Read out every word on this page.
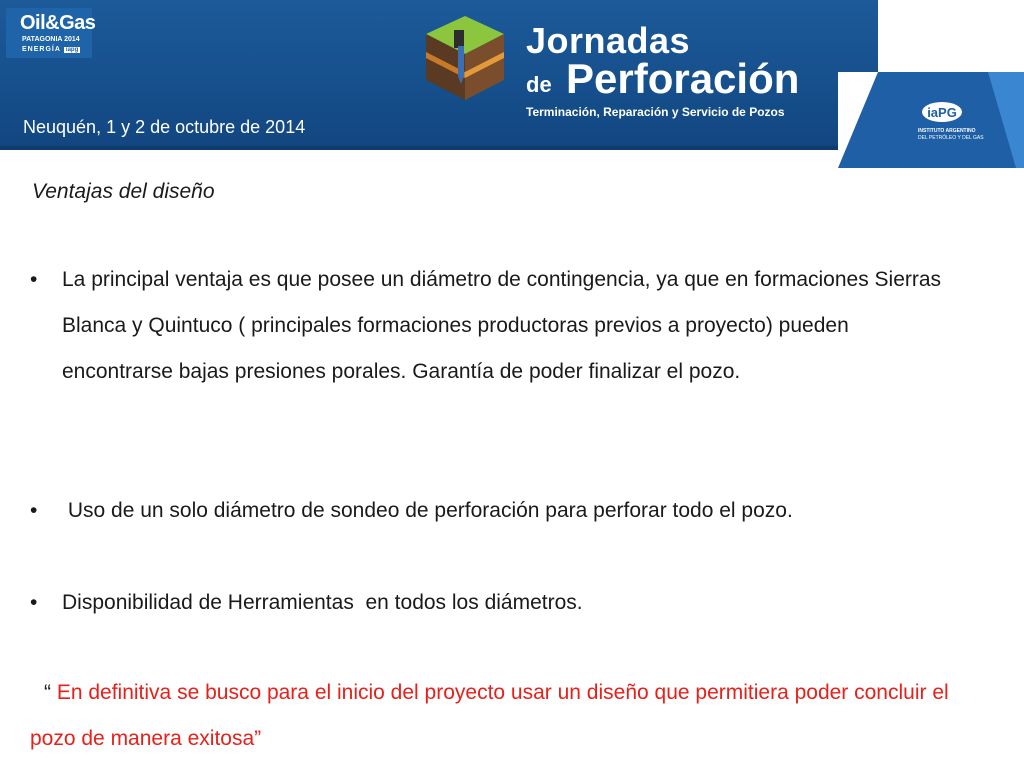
Oil&Gas
PATAGONIA 2014
ENERGÍA iapg	Jornadas
de Perforación
Terminación, Reparación y Servicio de Pozos
Neuquén, 1 y 2 de octubre de 2014
iaPG
INSTITUTO ARGENTINO
DEL PETRÓLEO Y DEL GAS
Ventajas del diseño
• La principal ventaja es que posee un diámetro de contingencia, ya que en formaciones Sierras Blanca y Quintuco ( principales formaciones productoras previos a proyecto) pueden encontrarse bajas presiones porales. Garantía de poder finalizar el pozo.
• Uso de un solo diámetro de sondeo de perforación para perforar todo el pozo.
• Disponibilidad de Herramientas  en todos los diámetros.
“ En definitiva se busco para el inicio del proyecto usar un diseño que permitiera poder concluir el pozo de manera exitosa”
